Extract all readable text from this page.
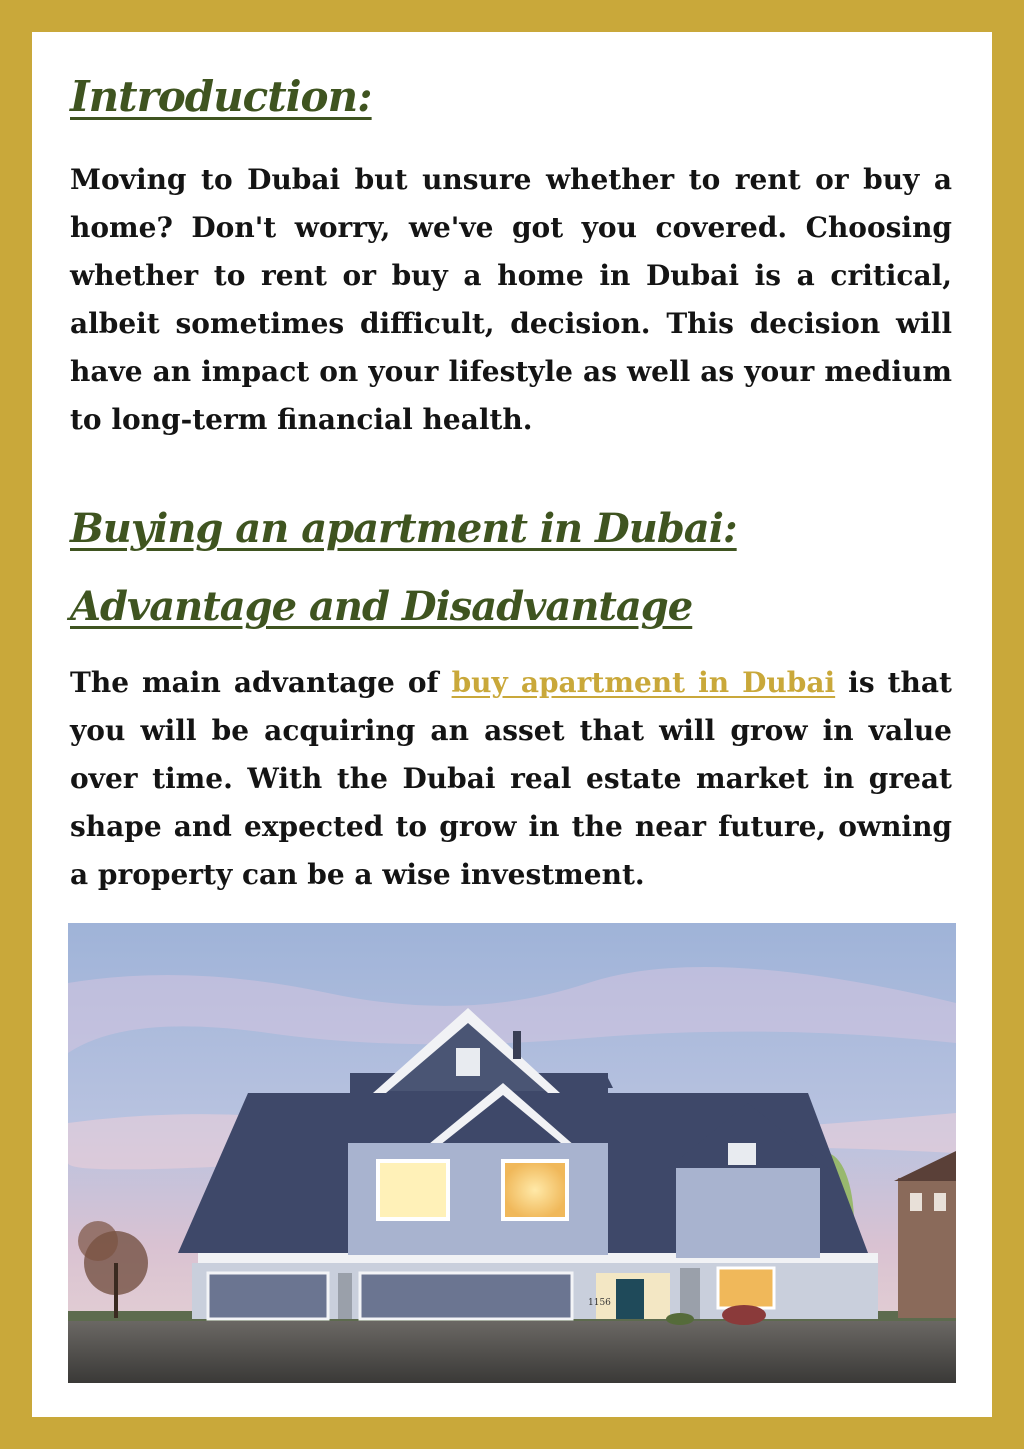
Introduction:

Moving to Dubai but unsure whether to rent or buy a home? Don't worry, we've got you covered. Choosing whether to rent or buy a home in Dubai is a critical, albeit sometimes difficult, decision. This decision will have an impact on your lifestyle as well as your medium to long-term financial health.

Buying an apartment in Dubai: Advantage and Disadvantage

The main advantage of buy apartment in Dubai is that you will be acquiring an asset that will grow in value over time. With the Dubai real estate market in great shape and expected to grow in the near future, owning a property can be a wise investment.

1156
